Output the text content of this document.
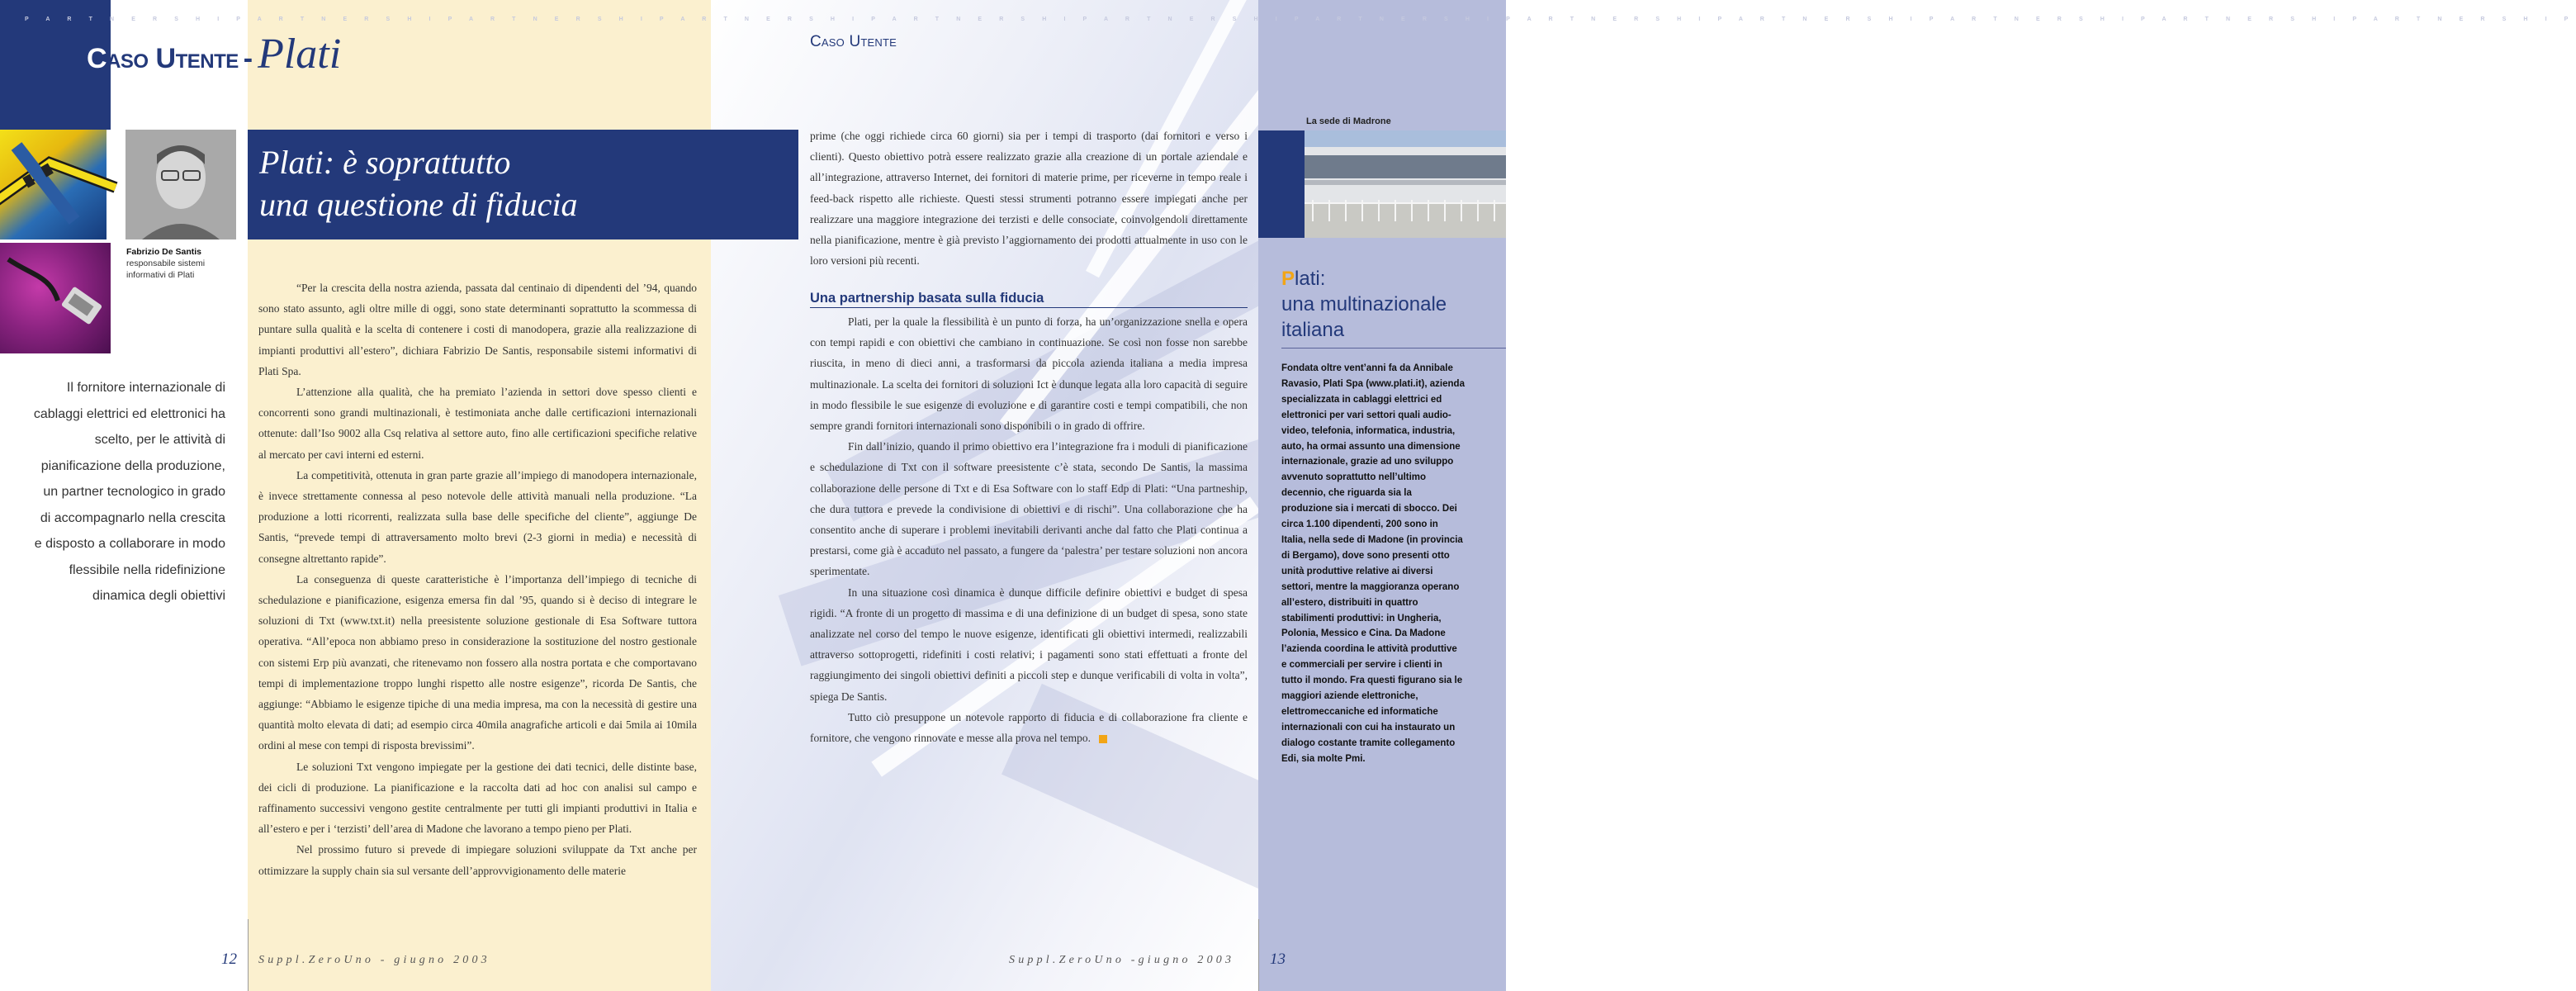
P A R T N E R S H I P A R T N E R S H I P A R T N E R S H I P A R T N E R S H I P A R T N E R S H I P A R T N E R S H I P A R T N E R S H I P A R T N E R S H I P A R T N E R S H I P A R T N E R S H I P A R T N E R S H I P A R T N E R S H I P
Caso Utente - Plati	Caso Utente
Fabrizio De Santis
responsabile sistemi
informativi di Plati
Il fornitore internazionale di cablaggi elettrici ed elettronici ha scelto, per le attività di pianificazione della produzione, un partner tecnologico in grado di accompagnarlo nella crescita e disposto a collaborare in modo flessibile nella ridefinizione dinamica degli obiettivi
La sede di Madrone
Plati: è soprattutto
una questione di fiducia

“Per la crescita della nostra azienda, passata dal centinaio di dipendenti del ’94, quando sono stato assunto, agli oltre mille di oggi, sono state determinanti soprattutto la scommessa di puntare sulla qualità e la scelta di contenere i costi di manodopera, grazie alla realizzazione di impianti produttivi all’estero”, dichiara Fabrizio De Santis, responsabile sistemi informativi di Plati Spa.

L’attenzione alla qualità, che ha premiato l’azienda in settori dove spesso clienti e concorrenti sono grandi multinazionali, è testimoniata anche dalle certificazioni internazionali ottenute: dall’Iso 9002 alla Csq relativa al settore auto, fino alle certificazioni specifiche relative al mercato per cavi interni ed esterni.

La competitività, ottenuta in gran parte grazie all’impiego di manodopera internazionale, è invece strettamente connessa al peso notevole delle attività manuali nella produzione. “La produzione a lotti ricorrenti, realizzata sulla base delle specifiche del cliente”, aggiunge De Santis, “prevede tempi di attraversamento molto brevi (2-3 giorni in media) e necessità di consegne altrettanto rapide”.

La conseguenza di queste caratteristiche è l’importanza dell’impiego di tecniche di schedulazione e pianificazione, esigenza emersa fin dal ’95, quando si è deciso di integrare le soluzioni di Txt (www.txt.it) nella preesistente soluzione gestionale di Esa Software tuttora operativa. “All’epoca non abbiamo preso in considerazione la sostituzione del nostro gestionale con sistemi Erp più avanzati, che ritenevamo non fossero alla nostra portata e che comportavano tempi di implementazione troppo lunghi rispetto alle nostre esigenze”, ricorda De Santis, che aggiunge: “Abbiamo le esigenze tipiche di una media impresa, ma con la necessità di gestire una quantità molto elevata di dati; ad esempio circa 40mila anagrafiche articoli e dai 5mila ai 10mila ordini al mese con tempi di risposta brevissimi”.

Le soluzioni Txt vengono impiegate per la gestione dei dati tecnici, delle distinte base, dei cicli di produzione. La pianificazione e la raccolta dati ad hoc con analisi sul campo e raffinamento successivi vengono gestite centralmente per tutti gli impianti produttivi in Italia e all’estero e per i ‘terzisti’ dell’area di Madone che lavorano a tempo pieno per Plati.

Nel prossimo futuro si prevede di impiegare soluzioni sviluppate da Txt anche per ottimizzare la supply chain sia sul versante dell’approvvigionamento delle materie

prime (che oggi richiede circa 60 giorni) sia per i tempi di trasporto (dai fornitori e verso i clienti). Questo obiettivo potrà essere realizzato grazie alla creazione di un portale aziendale e all’integrazione, attraverso Internet, dei fornitori di materie prime, per riceverne in tempo reale i feed-back rispetto alle richieste. Questi stessi strumenti potranno essere impiegati anche per realizzare una maggiore integrazione dei terzisti e delle consociate, coinvolgendoli direttamente nella pianificazione, mentre è già previsto l’aggiornamento dei prodotti attualmente in uso con le loro versioni più recenti.

Una partnership basata sulla fiducia

Plati, per la quale la flessibilità è un punto di forza, ha un’organizzazione snella e opera con tempi rapidi e con obiettivi che cambiano in continuazione. Se così non fosse non sarebbe riuscita, in meno di dieci anni, a trasformarsi da piccola azienda italiana a media impresa multinazionale. La scelta dei fornitori di soluzioni Ict è dunque legata alla loro capacità di seguire in modo flessibile le sue esigenze di evoluzione e di garantire costi e tempi compatibili, che non sempre grandi fornitori internazionali sono disponibili o in grado di offrire.

Fin dall’inizio, quando il primo obiettivo era l’integrazione fra i moduli di pianificazione e schedulazione di Txt con il software preesistente c’è stata, secondo De Santis, la massima collaborazione delle persone di Txt e di Esa Software con lo staff Edp di Plati: “Una partneship, che dura tuttora e prevede la condivisione di obiettivi e di rischi”. Una collaborazione che ha consentito anche di superare i problemi inevitabili derivanti anche dal fatto che Plati continua a prestarsi, come già è accaduto nel passato, a fungere da ‘palestra’ per testare soluzioni non ancora sperimentate.

In una situazione così dinamica è dunque difficile definire obiettivi e budget di spesa rigidi. “A fronte di un progetto di massima e di una definizione di un budget di spesa, sono state analizzate nel corso del tempo le nuove esigenze, identificati gli obiettivi intermedi, realizzabili attraverso sottoprogetti, ridefiniti i costi relativi; i pagamenti sono stati effettuati a fronte del raggiungimento dei singoli obiettivi definiti a piccoli step e dunque verificabili di volta in volta”, spiega De Santis.

Tutto ciò presuppone un notevole rapporto di fiducia e di collaborazione fra cliente e fornitore, che vengono rinnovate e messe alla prova nel tempo.

Plati:
una multinazionale
italiana
Fondata oltre vent’anni fa da Annibale Ravasio, Plati Spa (www.plati.it), azienda specializzata in cablaggi elettrici ed elettronici per vari settori quali audio-video, telefonia, informatica, industria, auto, ha ormai assunto una dimensione internazionale, grazie ad uno sviluppo avvenuto soprattutto nell’ultimo decennio, che riguarda sia la produzione sia i mercati di sbocco. Dei circa 1.100 dipendenti, 200 sono in Italia, nella sede di Madone (in provincia di Bergamo), dove sono presenti otto unità produttive relative ai diversi settori, mentre la maggioranza operano all’estero, distribuiti in quattro stabilimenti produttivi: in Ungheria, Polonia, Messico e Cina. Da Madone l’azienda coordina le attività produttive e commerciali per servire i clienti in tutto il mondo. Fra questi figurano sia le maggiori aziende elettroniche, elettromeccaniche ed informatiche internazionali con cui ha instaurato un dialogo costante tramite collegamento Edi, sia molte Pmi.
12 Suppl.ZeroUno - giugno 2003	Suppl.ZeroUno -giugno 2003 13
